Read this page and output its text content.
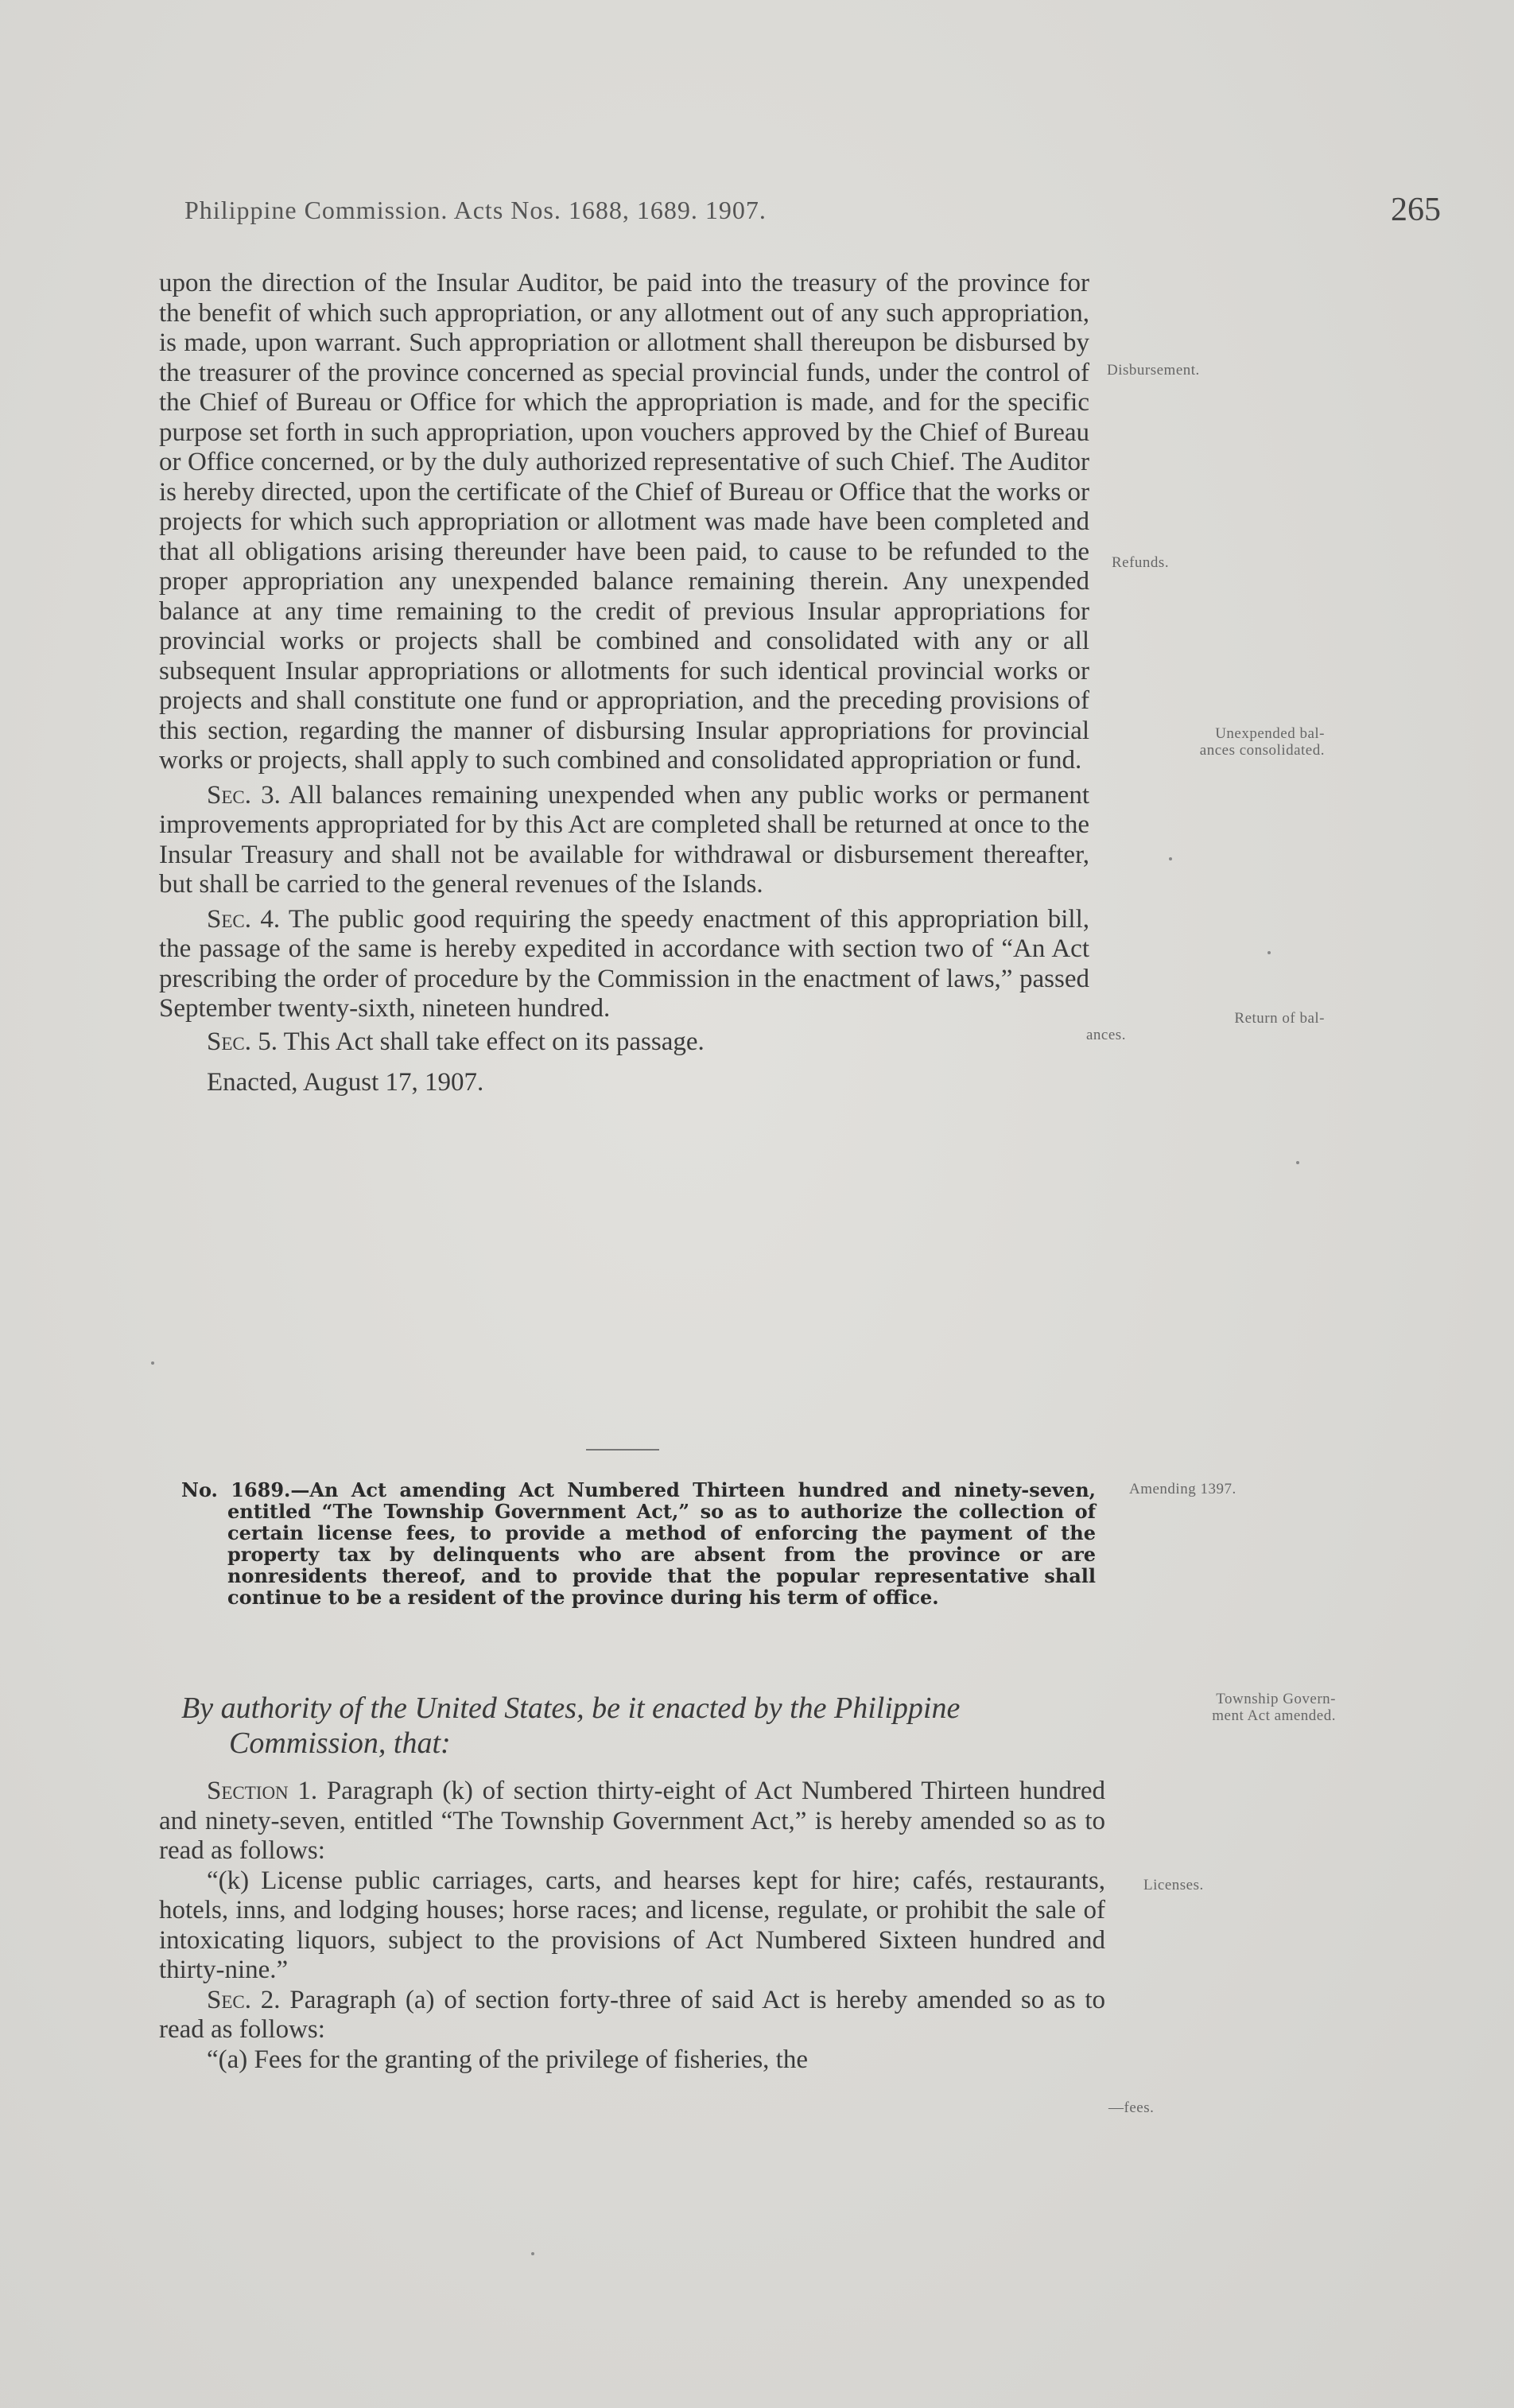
Philippine Commission. Acts Nos. 1688, 1689. 1907.	265

upon the direction of the Insular Auditor, be paid into the treasury of the province for the benefit of which such appropriation, or any allotment out of any such appropriation, is made, upon warrant. Such appropriation or allotment shall thereupon be disbursed by the treasurer of the province concerned as special provincial funds, under the control of the Chief of Bureau or Office for which the appropriation is made, and for the specific purpose set forth in such appropriation, upon vouchers approved by the Chief of Bureau or Office concerned, or by the duly authorized representative of such Chief. The Auditor is hereby directed, upon the certificate of the Chief of Bureau or Office that the works or projects for which such appropriation or allotment was made have been completed and that all obligations arising thereunder have been paid, to cause to be refunded to the proper appropriation any unexpended balance remaining therein. Any unexpended balance at any time remaining to the credit of previous Insular appropriations for provincial works or projects shall be combined and consolidated with any or all subsequent Insular appropriations or allotments for such identical provincial works or projects and shall constitute one fund or appropriation, and the preceding provisions of this section, regarding the manner of disbursing Insular appropriations for provincial works or projects, shall apply to such combined and consolidated appropriation or fund.

Sec. 3. All balances remaining unexpended when any public works or permanent improvements appropriated for by this Act are completed shall be returned at once to the Insular Treasury and shall not be available for withdrawal or disbursement thereafter, but shall be carried to the general revenues of the Islands.

Sec. 4. The public good requiring the speedy enactment of this appropriation bill, the passage of the same is hereby expedited in accordance with section two of “An Act prescribing the order of procedure by the Commission in the enactment of laws,” passed September twenty-sixth, nineteen hundred.

Sec. 5. This Act shall take effect on its passage.

Enacted, August 17, 1907.

Disbursement.
Refunds.
Unexpended bal-
ances consolidated.
Return of bal-
ances.
No. 1689.—An Act amending Act Numbered Thirteen hundred and ninety-seven, entitled “The Township Government Act,” so as to authorize the collection of certain license fees, to provide a method of enforcing the payment of the property tax by delinquents who are absent from the province or are nonresidents thereof, and to provide that the popular representative shall continue to be a resident of the province during his term of office.
Amending 1397.
By authority of the United States, be it enacted by the Philippine
Commission, that:
Township Govern-
ment Act amended.

Section 1. Paragraph (k) of section thirty-eight of Act Numbered Thirteen hundred and ninety-seven, entitled “The Township Government Act,” is hereby amended so as to read as follows:

“(k) License public carriages, carts, and hearses kept for hire; cafés, restaurants, hotels, inns, and lodging houses; horse races; and license, regulate, or prohibit the sale of intoxicating liquors, subject to the provisions of Act Numbered Sixteen hundred and thirty-nine.”

Sec. 2. Paragraph (a) of section forty-three of said Act is hereby amended so as to read as follows:

“(a) Fees for the granting of the privilege of fisheries, the

Licenses.
—fees.
